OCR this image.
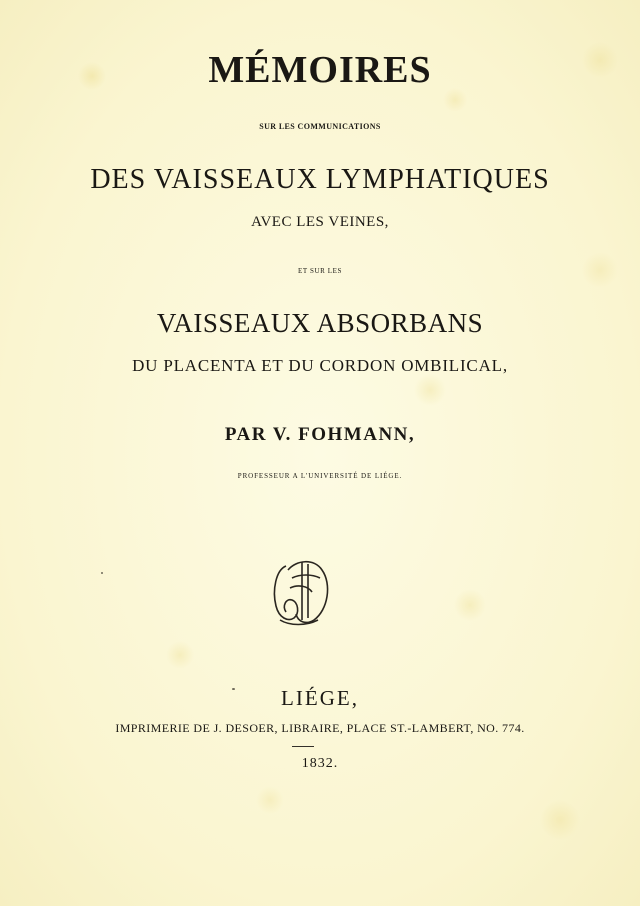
MÉMOIRES
SUR LES COMMUNICATIONS
DES VAISSEAUX LYMPHATIQUES
AVEC LES VEINES,
ET SUR LES
VAISSEAUX ABSORBANS
DU PLACENTA ET DU CORDON OMBILICAL,
PAR V. FOHMANN,
PROFESSEUR A L'UNIVERSITÉ DE LIÉGE.
LIÉGE,
IMPRIMERIE DE J. DESOER, LIBRAIRE, PLACE ST.-LAMBERT, NO. 774.
1832.
